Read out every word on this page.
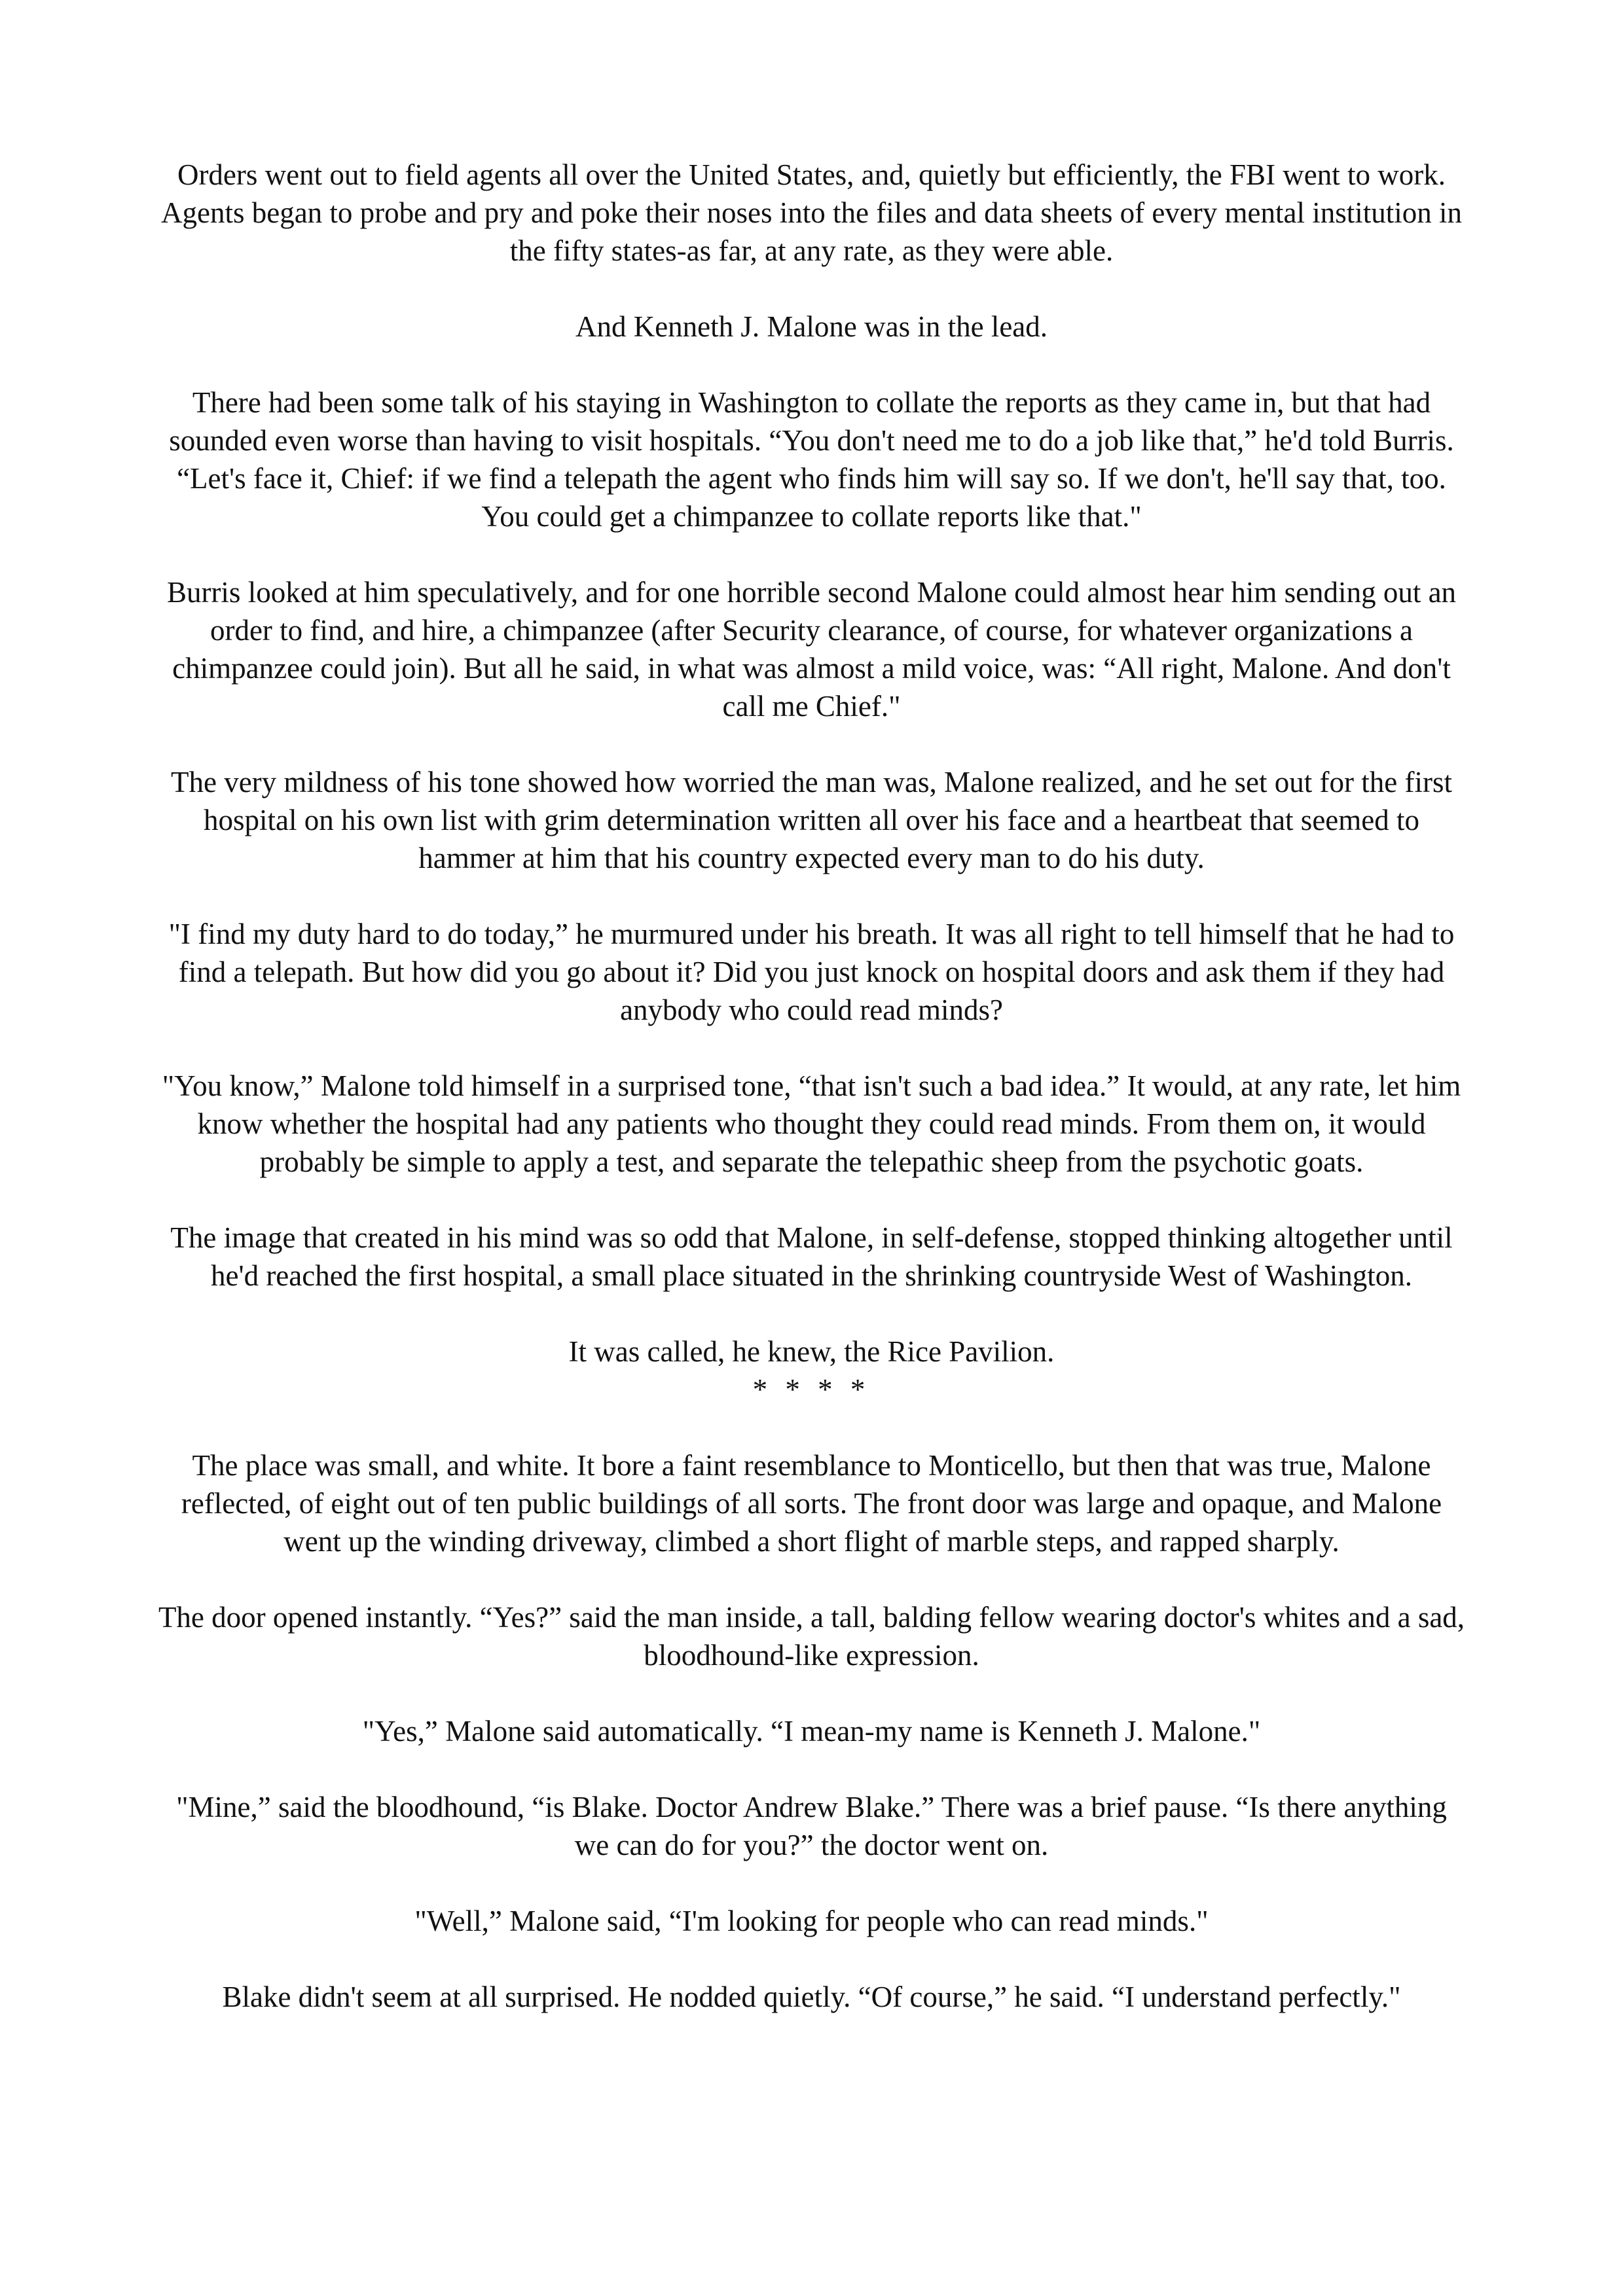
Orders went out to field agents all over the United States, and, quietly but efficiently, the FBI went to work. Agents began to probe and pry and poke their noses into the files and data sheets of every mental institution in the fifty states-as far, at any rate, as they were able.

And Kenneth J. Malone was in the lead.

There had been some talk of his staying in Washington to collate the reports as they came in, but that had sounded even worse than having to visit hospitals. “You don't need me to do a job like that,” he'd told Burris. “Let's face it, Chief: if we find a telepath the agent who finds him will say so. If we don't, he'll say that, too. You could get a chimpanzee to collate reports like that."

Burris looked at him speculatively, and for one horrible second Malone could almost hear him sending out an order to find, and hire, a chimpanzee (after Security clearance, of course, for whatever organizations a chimpanzee could join). But all he said, in what was almost a mild voice, was: “All right, Malone. And don't call me Chief."

The very mildness of his tone showed how worried the man was, Malone realized, and he set out for the first hospital on his own list with grim determination written all over his face and a heartbeat that seemed to hammer at him that his country expected every man to do his duty.

"I find my duty hard to do today,” he murmured under his breath. It was all right to tell himself that he had to find a telepath. But how did you go about it? Did you just knock on hospital doors and ask them if they had anybody who could read minds?

"You know,” Malone told himself in a surprised tone, “that isn't such a bad idea.” It would, at any rate, let him know whether the hospital had any patients who thought they could read minds. From them on, it would probably be simple to apply a test, and separate the telepathic sheep from the psychotic goats.

The image that created in his mind was so odd that Malone, in self-defense, stopped thinking altogether until he'd reached the first hospital, a small place situated in the shrinking countryside West of Washington.

It was called, he knew, the Rice Pavilion.

* * * *

The place was small, and white. It bore a faint resemblance to Monticello, but then that was true, Malone reflected, of eight out of ten public buildings of all sorts. The front door was large and opaque, and Malone went up the winding driveway, climbed a short flight of marble steps, and rapped sharply.

The door opened instantly. “Yes?” said the man inside, a tall, balding fellow wearing doctor's whites and a sad, bloodhound-like expression.

"Yes,” Malone said automatically. “I mean-my name is Kenneth J. Malone."

"Mine,” said the bloodhound, “is Blake. Doctor Andrew Blake.” There was a brief pause. “Is there anything we can do for you?” the doctor went on.

"Well,” Malone said, “I'm looking for people who can read minds."

Blake didn't seem at all surprised. He nodded quietly. “Of course,” he said. “I understand perfectly."
